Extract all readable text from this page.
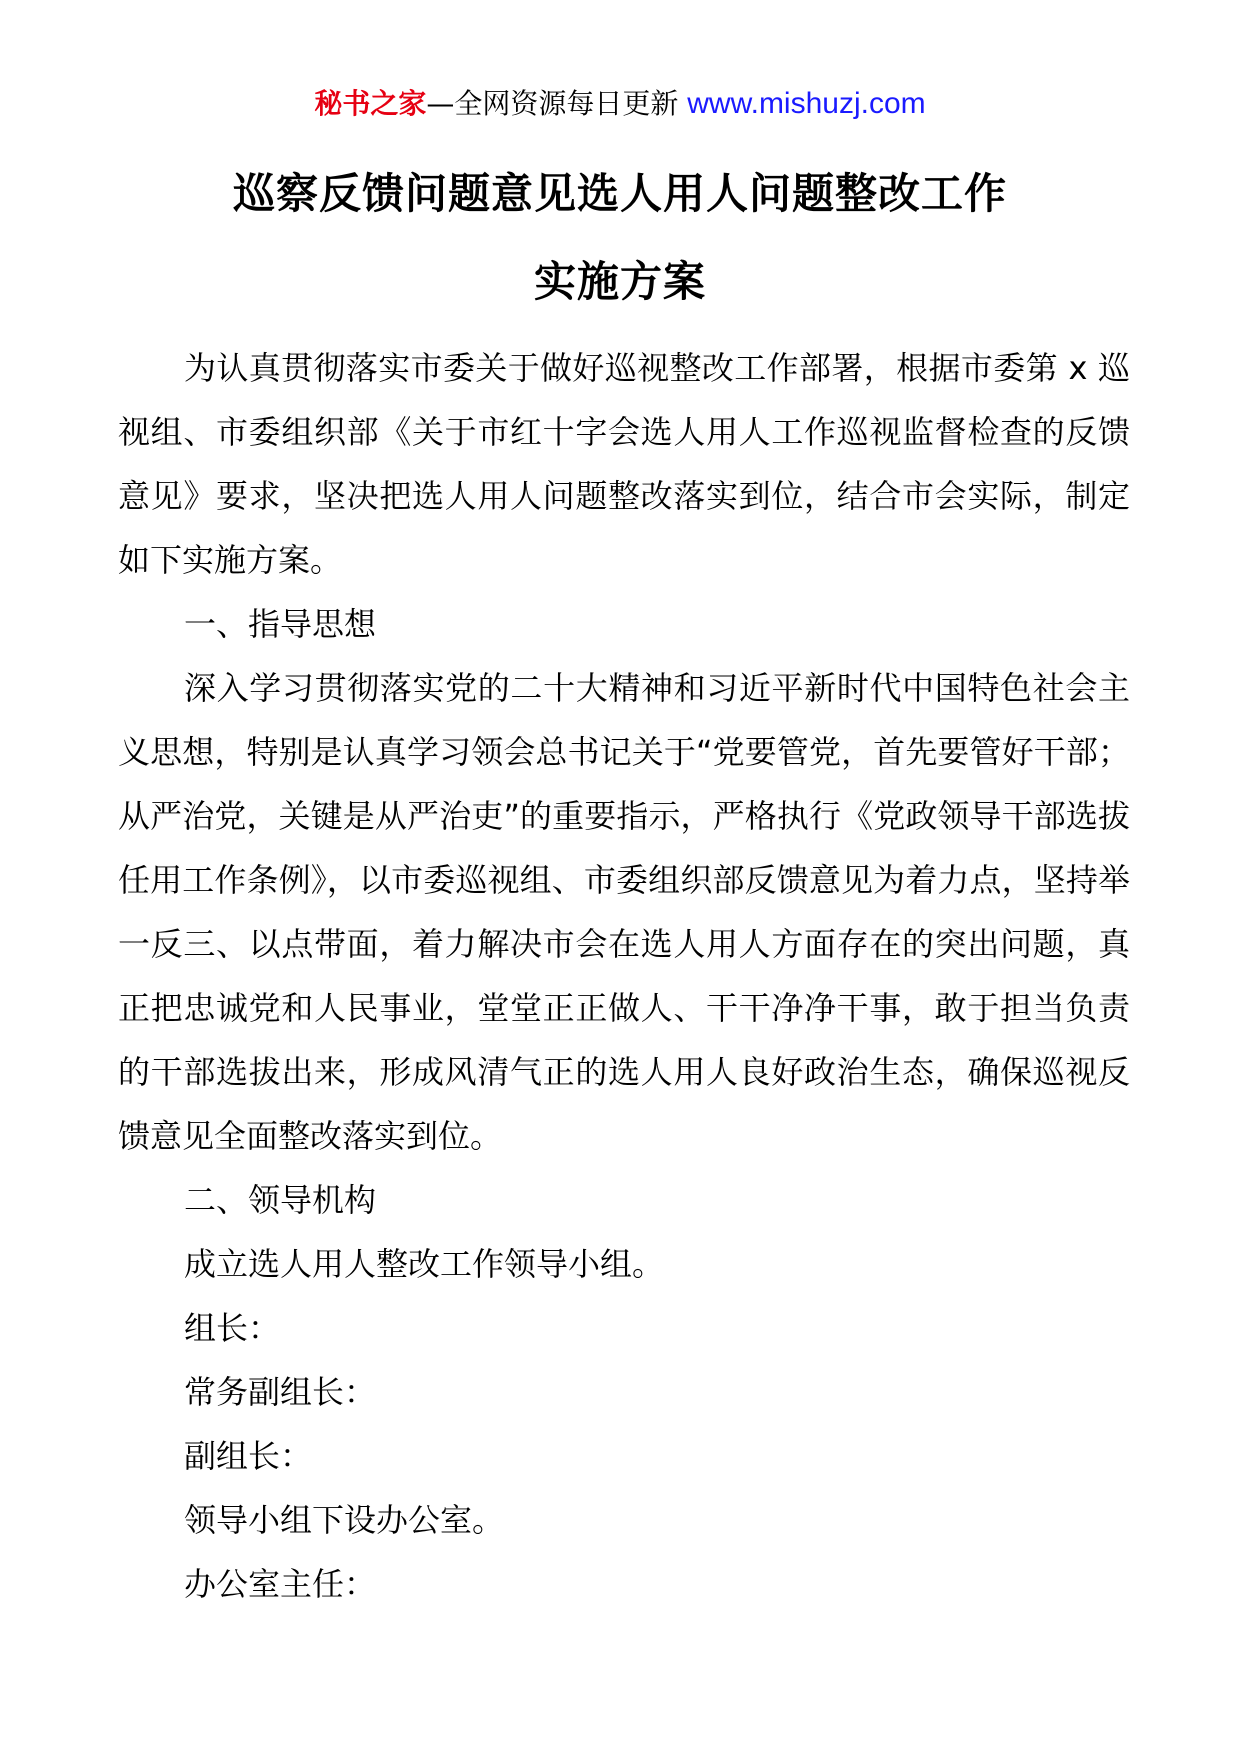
秘书之家—全网资源每日更新 www.mishuzj.com
巡察反馈问题意见选人用人问题整改工作
实施方案

为认真贯彻落实市委关于做好巡视整改工作部署，根据市委第 x 巡视组、市委组织部《关于市红十字会选人用人工作巡视监督检查的反馈意见》要求，坚决把选人用人问题整改落实到位，结合市会实际，制定如下实施方案。

一、指导思想

深入学习贯彻落实党的二十大精神和习近平新时代中国特色社会主义思想，特别是认真学习领会总书记关于“党要管党，首先要管好干部；从严治党，关键是从严治吏”的重要指示，严格执行《党政领导干部选拔任用工作条例》，以市委巡视组、市委组织部反馈意见为着力点，坚持举一反三、以点带面，着力解决市会在选人用人方面存在的突出问题，真正把忠诚党和人民事业，堂堂正正做人、干干净净干事，敢于担当负责的干部选拔出来，形成风清气正的选人用人良好政治生态，确保巡视反馈意见全面整改落实到位。

二、领导机构

成立选人用人整改工作领导小组。

组长：

常务副组长：

副组长：

领导小组下设办公室。

办公室主任：
